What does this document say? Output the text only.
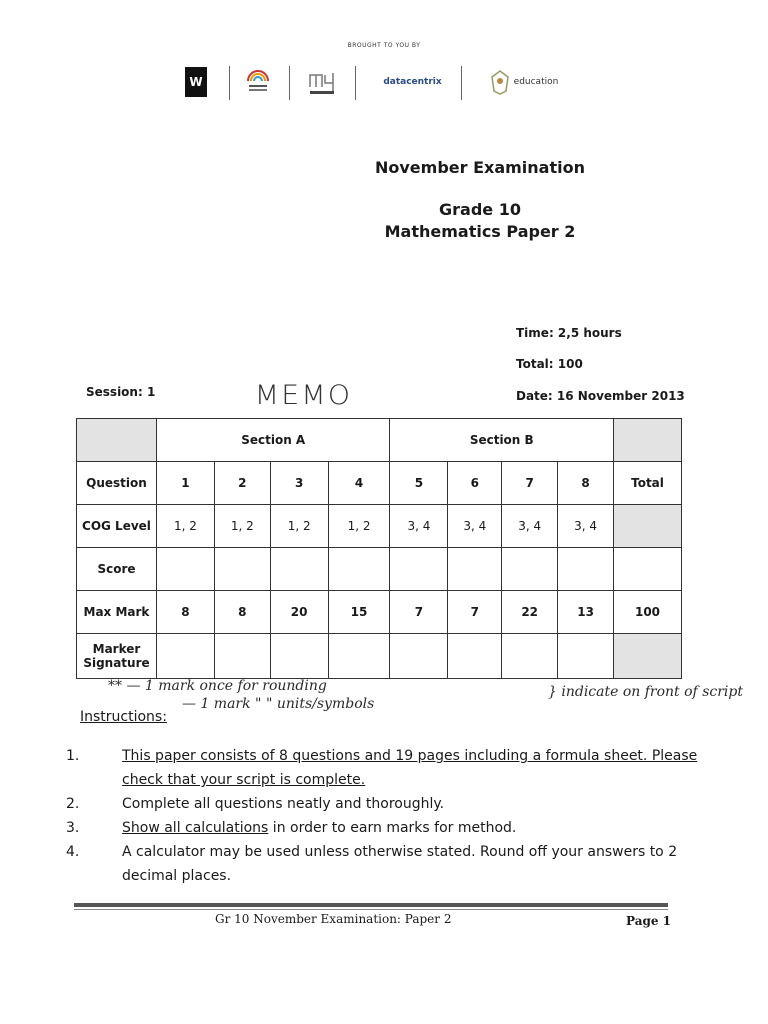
BROUGHT TO YOU BY
W	datacentrix	education
November Examination
Grade 10
Mathematics Paper 2
Time: 2,5 hours
Total: 100
Date: 16 November 2013
Session: 1	MEMO
	Section A				Section B				
Question	1	2	3	4	5	6	7	8	Total
COG Level	1, 2	1, 2	1, 2	1, 2	3, 4	3, 4	3, 4	3, 4	
Score									
Max Mark	8	8	20	15	7	7	22	13	100
Marker Signature									
** — 1 mark once for rounding
— 1 mark " " units/symbols
} indicate on front of script
Instructions:
1.	This paper consists of 8 questions and 19 pages including a formula sheet. Please check that your script is complete.
2.	Complete all questions neatly and thoroughly.
3.	Show all calculations in order to earn marks for method.
4.	A calculator may be used unless otherwise stated. Round off your answers to 2 decimal places.
Gr 10 November Examination: Paper 2	Page 1
